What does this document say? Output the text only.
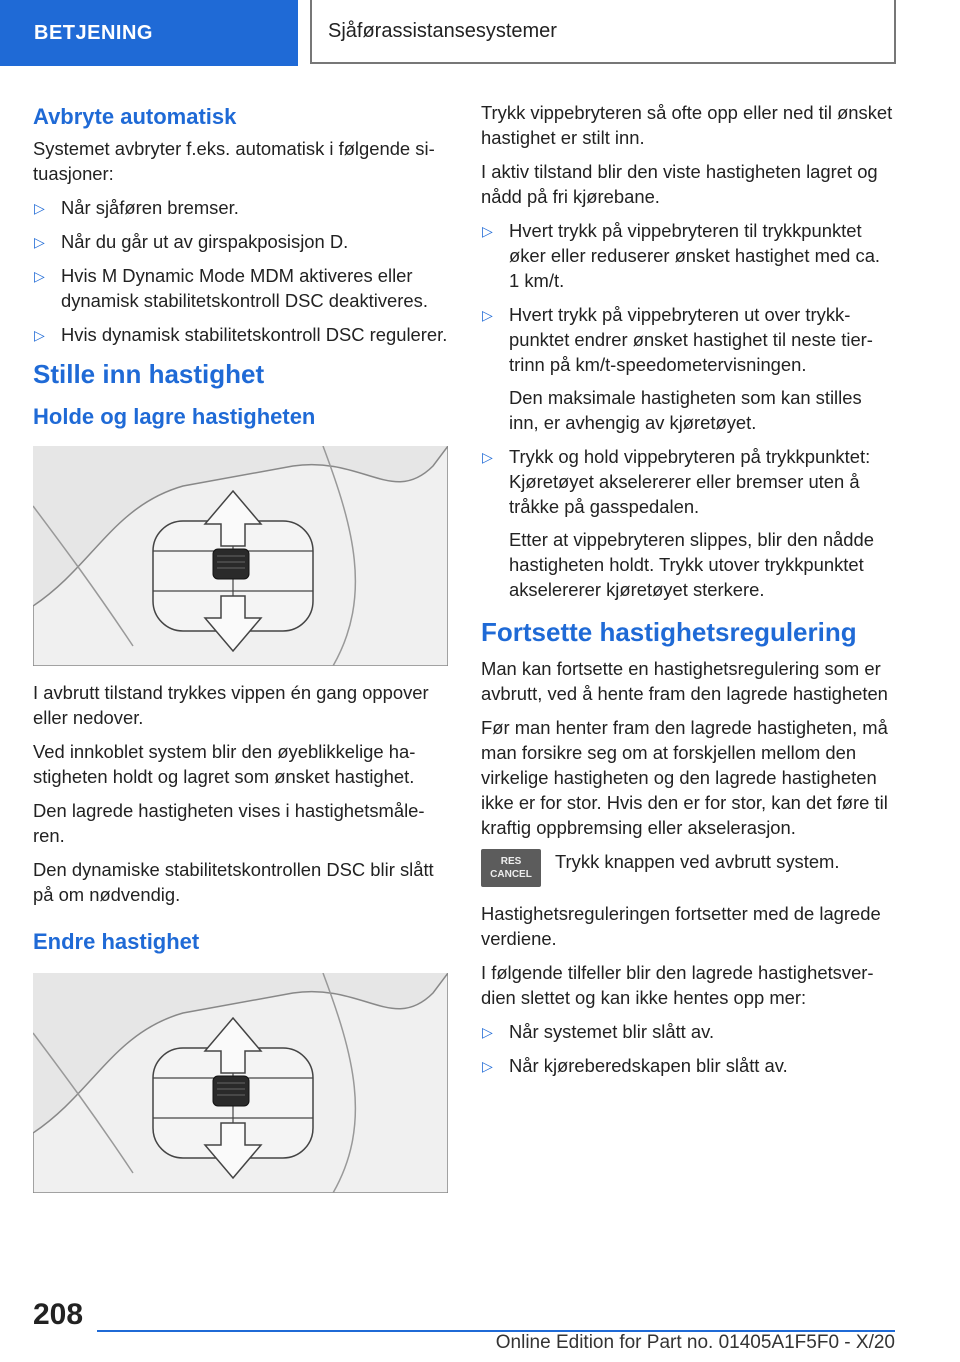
BETJENING	Sjåførassistansesystemer
Avbryte automatisk

Systemet avbryter f.eks. automatisk i følgende situasjoner:

▷ Når sjåføren bremser.
▷ Når du går ut av girspakposisjon D.
▷ Hvis M Dynamic Mode MDM aktiveres eller dynamisk stabilitetskontroll DSC deaktiveres.
▷ Hvis dynamisk stabilitetskontroll DSC regulerer.
Stille inn hastighet
Holde og lagre hastigheten

I avbrutt tilstand trykkes vippen én gang oppover eller nedover.

Ved innkoblet system blir den øyeblikkelige hastigheten holdt og lagret som ønsket hastighet.

Den lagrede hastigheten vises i hastighetsmåleren.

Den dynamiske stabilitetskontrollen DSC blir slått på om nødvendig.

Endre hastighet

Trykk vippebryteren så ofte opp eller ned til ønsket hastighet er stilt inn.

I aktiv tilstand blir den viste hastigheten lagret og nådd på fri kjørebane.

▷ Hvert trykk på vippebryteren til trykkpunktet øker eller reduserer ønsket hastighet med ca. 1 km/t.
▷ Hvert trykk på vippebryteren ut over trykkpunktet endrer ønsket hastighet til neste tiertrinn på km/t-speedometervisningen.
Den maksimale hastigheten som kan stilles inn, er avhengig av kjøretøyet.
▷ Trykk og hold vippebryteren på trykkpunktet: Kjøretøyet akselererer eller bremser uten å tråkke på gasspedalen.
Etter at vippebryteren slippes, blir den nådde hastigheten holdt. Trykk utover trykkpunktet akselererer kjøretøyet sterkere.
Fortsette hastighetsregulering

Man kan fortsette en hastighetsregulering som er avbrutt, ved å hente fram den lagrede hastigheten

Før man henter fram den lagrede hastigheten, må man forsikre seg om at forskjellen mellom den virkelige hastigheten og den lagrede hastigheten ikke er for stor. Hvis den er for stor, kan det føre til kraftig oppbremsing eller akselerasjon.

RES
CANCEL

Trykk knappen ved avbrutt system.

Hastighetsreguleringen fortsetter med de lagrede verdiene.

I følgende tilfeller blir den lagrede hastighetsverdien slettet og kan ikke hentes opp mer:

▷ Når systemet blir slått av.
▷ Når kjøreberedskapen blir slått av.
208
Online Edition for Part no. 01405A1F5F0 - X/20
